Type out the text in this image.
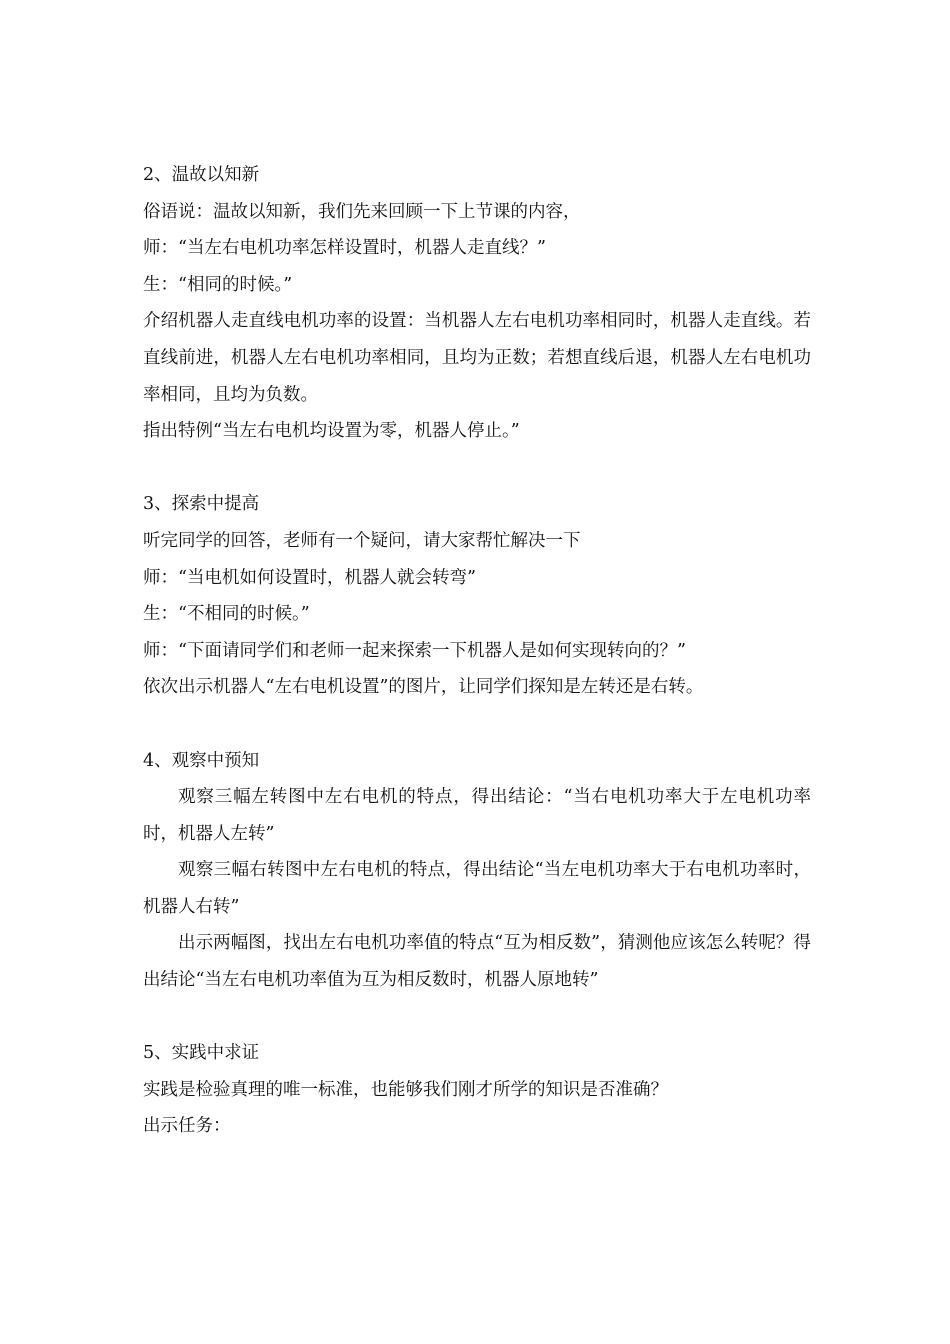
2、温故以知新

俗语说：温故以知新，我们先来回顾一下上节课的内容，

师：“当左右电机功率怎样设置时，机器人走直线？”

生：“相同的时候。”

介绍机器人走直线电机功率的设置：当机器人左右电机功率相同时，机器人走直线。若直线前进，机器人左右电机功率相同，且均为正数；若想直线后退，机器人左右电机功率相同，且均为负数。

指出特例“当左右电机均设置为零，机器人停止。”

3、探索中提高

听完同学的回答，老师有一个疑问，请大家帮忙解决一下

师：“当电机如何设置时，机器人就会转弯”

生：“不相同的时候。”

师：“下面请同学们和老师一起来探索一下机器人是如何实现转向的？”

依次出示机器人“左右电机设置”的图片，让同学们探知是左转还是右转。

4、观察中预知

观察三幅左转图中左右电机的特点，得出结论：“当右电机功率大于左电机功率时，机器人左转”

观察三幅右转图中左右电机的特点，得出结论“当左电机功率大于右电机功率时，机器人右转”

出示两幅图，找出左右电机功率值的特点“互为相反数”，猜测他应该怎么转呢？得出结论“当左右电机功率值为互为相反数时，机器人原地转”

5、实践中求证

实践是检验真理的唯一标准，也能够我们刚才所学的知识是否准确？

出示任务：
